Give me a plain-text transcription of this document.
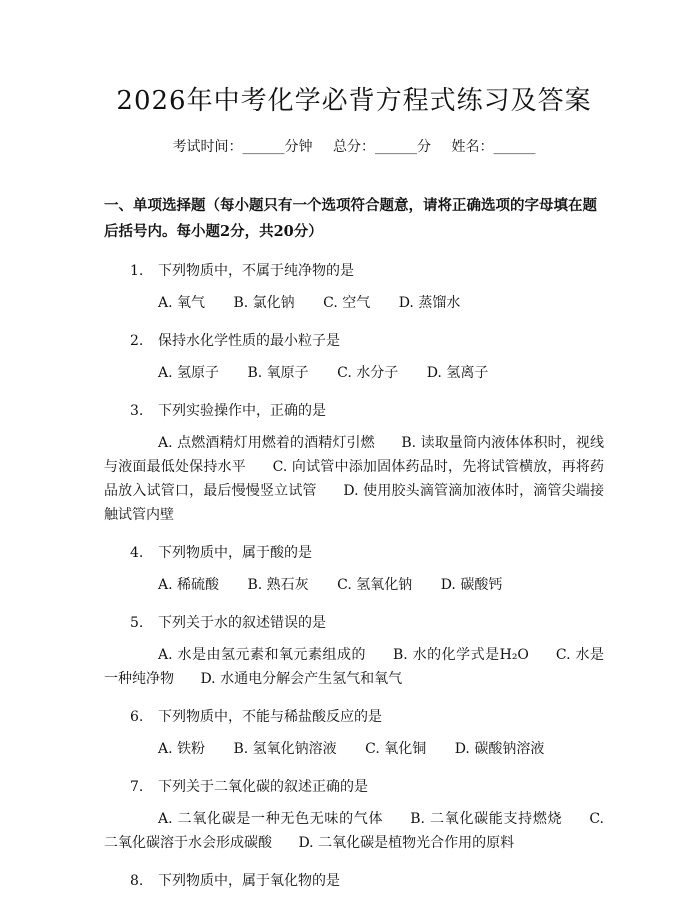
2026年中考化学必背方程式练习及答案
考试时间：______分钟 总分：______分 姓名：______
一、单项选择题（每小题只有一个选项符合题意，请将正确选项的字母填在题后括号内。每小题2分，共20分）
1. 下列物质中，不属于纯净物的是
A. 氧气 B. 氯化钠 C. 空气 D. 蒸馏水
2. 保持水化学性质的最小粒子是
A. 氢原子 B. 氧原子 C. 水分子 D. 氢离子
3. 下列实验操作中，正确的是
A. 点燃酒精灯用燃着的酒精灯引燃 B. 读取量筒内液体体积时，视线与液面最低处保持水平 C. 向试管中添加固体药品时，先将试管横放，再将药品放入试管口，最后慢慢竖立试管 D. 使用胶头滴管滴加液体时，滴管尖端接触试管内壁
4. 下列物质中，属于酸的是
A. 稀硫酸 B. 熟石灰 C. 氢氧化钠 D. 碳酸钙
5. 下列关于水的叙述错误的是
A. 水是由氢元素和氧元素组成的 B. 水的化学式是H₂O C. 水是一种纯净物 D. 水通电分解会产生氢气和氧气
6. 下列物质中，不能与稀盐酸反应的是
A. 铁粉 B. 氢氧化钠溶液 C. 氧化铜 D. 碳酸钠溶液
7. 下列关于二氧化碳的叙述正确的是
A. 二氧化碳是一种无色无味的气体 B. 二氧化碳能支持燃烧 C. 二氧化碳溶于水会形成碳酸 D. 二氧化碳是植物光合作用的原料
8. 下列物质中，属于氧化物的是
